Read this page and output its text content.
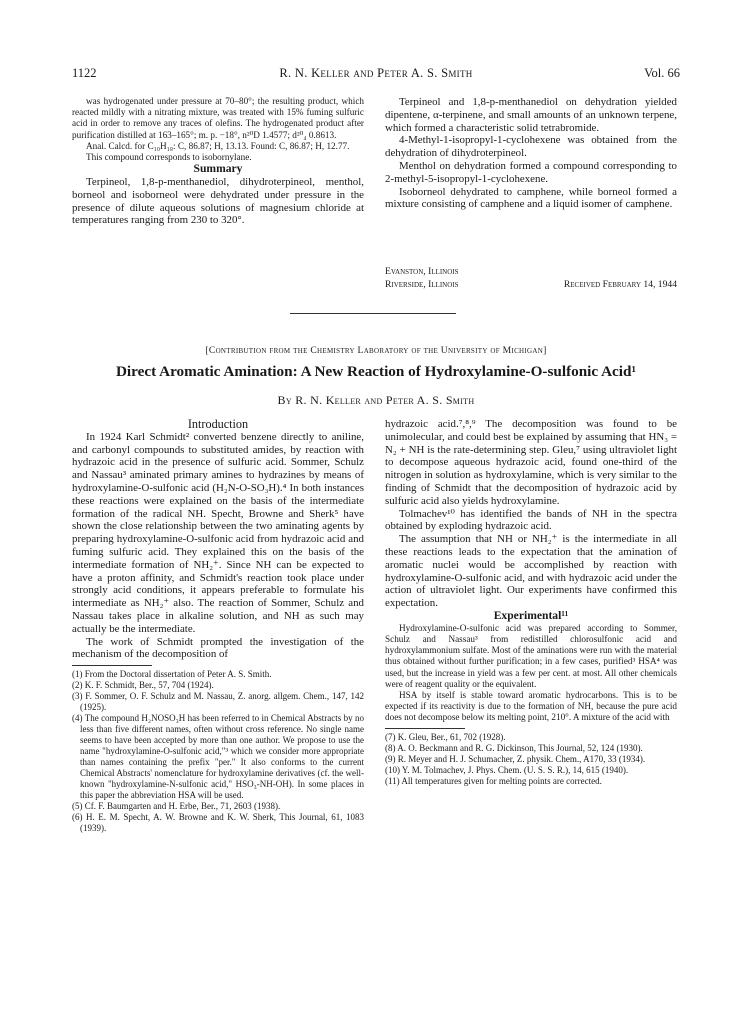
1122	R. N. Keller and Peter A. S. Smith	Vol. 66

was hydrogenated under pressure at 70–80°; the resulting product, which reacted mildly with a nitrating mixture, was treated with 15% fuming sulfuric acid in order to remove any traces of olefins. The hydrogenated product after purification distilled at 163–165°; m. p. −18°, n²⁰D 1.4577; d²⁰₄ 0.8613.

Anal. Calcd. for C₁₀H₁₈: C, 86.87; H, 13.13. Found: C, 86.87; H, 12.77.

This compound corresponds to isobornylane.

Summary

Terpineol, 1,8-p-menthanediol, dihydroterpineol, menthol, borneol and isoborneol were dehydrated under pressure in the presence of dilute aqueous solutions of magnesium chloride at temperatures ranging from 230 to 320°.

Terpineol and 1,8-p-menthanediol on dehydration yielded dipentene, α-terpinene, and small amounts of an unknown terpene, which formed a characteristic solid tetrabromide.

4-Methyl-1-isopropyl-1-cyclohexene was obtained from the dehydration of dihydroterpineol.

Menthol on dehydration formed a compound corresponding to 2-methyl-5-isopropyl-1-cyclohexene.

Isoborneol dehydrated to camphene, while borneol formed a mixture consisting of camphene and a liquid isomer of camphene.

Evanston, Illinois
Riverside, Illinois	Received February 14, 1944
[Contribution from the Chemistry Laboratory of the University of Michigan]
Direct Aromatic Amination: A New Reaction of Hydroxylamine-O-sulfonic Acid¹
By R. N. Keller and Peter A. S. Smith

Introduction

In 1924 Karl Schmidt² converted benzene directly to aniline, and carbonyl compounds to substituted amides, by reaction with hydrazoic acid in the presence of sulfuric acid. Sommer, Schulz and Nassau³ aminated primary amines to hydrazines by means of hydroxylamine-O-sulfonic acid (H₂N-O-SO₃H).⁴ In both instances these reactions were explained on the basis of the intermediate formation of the radical NH. Specht, Browne and Sherk⁵ have shown the close relationship between the two aminating agents by preparing hydroxylamine-O-sulfonic acid from hydrazoic acid and fuming sulfuric acid. They explained this on the basis of the intermediate formation of NH₂⁺. Since NH can be expected to have a proton affinity, and Schmidt's reaction took place under strongly acid conditions, it appears preferable to formulate his intermediate as NH₂⁺ also. The reaction of Sommer, Schulz and Nassau takes place in alkaline solution, and NH as such may actually be the intermediate.

The work of Schmidt prompted the investigation of the mechanism of the decomposition of

(1) From the Doctoral dissertation of Peter A. S. Smith.

(2) K. F. Schmidt, Ber., 57, 704 (1924).

(3) F. Sommer, O. F. Schulz and M. Nassau, Z. anorg. allgem. Chem., 147, 142 (1925).

(4) The compound H₂NOSO₃H has been referred to in Chemical Abstracts by no less than five different names, often without cross reference. No single name seems to have been accepted by more than one author. We propose to use the name "hydroxylamine-O-sulfonic acid,"³ which we consider more appropriate than names containing the prefix "per." It also conforms to the current Chemical Abstracts' nomenclature for hydroxylamine derivatives (cf. the well-known "hydroxylamine-N-sulfonic acid," HSO₃-NH-OH). In some places in this paper the abbreviation HSA will be used.

(5) Cf. F. Baumgarten and H. Erbe, Ber., 71, 2603 (1938).

(6) H. E. M. Specht, A. W. Browne and K. W. Sherk, This Journal, 61, 1083 (1939).

hydrazoic acid.⁷,⁸,⁹ The decomposition was found to be unimolecular, and could best be explained by assuming that HN₃ = N₂ + NH is the rate-determining step. Gleu,⁷ using ultraviolet light to decompose aqueous hydrazoic acid, found one-third of the nitrogen in solution as hydroxylamine, which is very similar to the finding of Schmidt that the decomposition of hydrazoic acid by sulfuric acid also yields hydroxylamine.

Tolmachev¹⁰ has identified the bands of NH in the spectra obtained by exploding hydrazoic acid.

The assumption that NH or NH₂⁺ is the intermediate in all these reactions leads to the expectation that the amination of aromatic nuclei would be accomplished by reaction with hydroxylamine-O-sulfonic acid, and with hydrazoic acid under the action of ultraviolet light. Our experiments have confirmed this expectation.

Experimental¹¹

Hydroxylamine-O-sulfonic acid was prepared according to Sommer, Schulz and Nassau³ from redistilled chlorosulfonic acid and hydroxylammonium sulfate. Most of the aminations were run with the material thus obtained without further purification; in a few cases, purified³ HSA⁴ was used, but the increase in yield was a few per cent. at most. All other chemicals were of reagent quality or the equivalent.

HSA by itself is stable toward aromatic hydrocarbons. This is to be expected if its reactivity is due to the formation of NH, because the pure acid does not decompose below its melting point, 210°. A mixture of the acid with

(7) K. Gleu, Ber., 61, 702 (1928).

(8) A. O. Beckmann and R. G. Dickinson, This Journal, 52, 124 (1930).

(9) R. Meyer and H. J. Schumacher, Z. physik. Chem., A170, 33 (1934).

(10) Y. M. Tolmachev, J. Phys. Chem. (U. S. S. R.), 14, 615 (1940).

(11) All temperatures given for melting points are corrected.
